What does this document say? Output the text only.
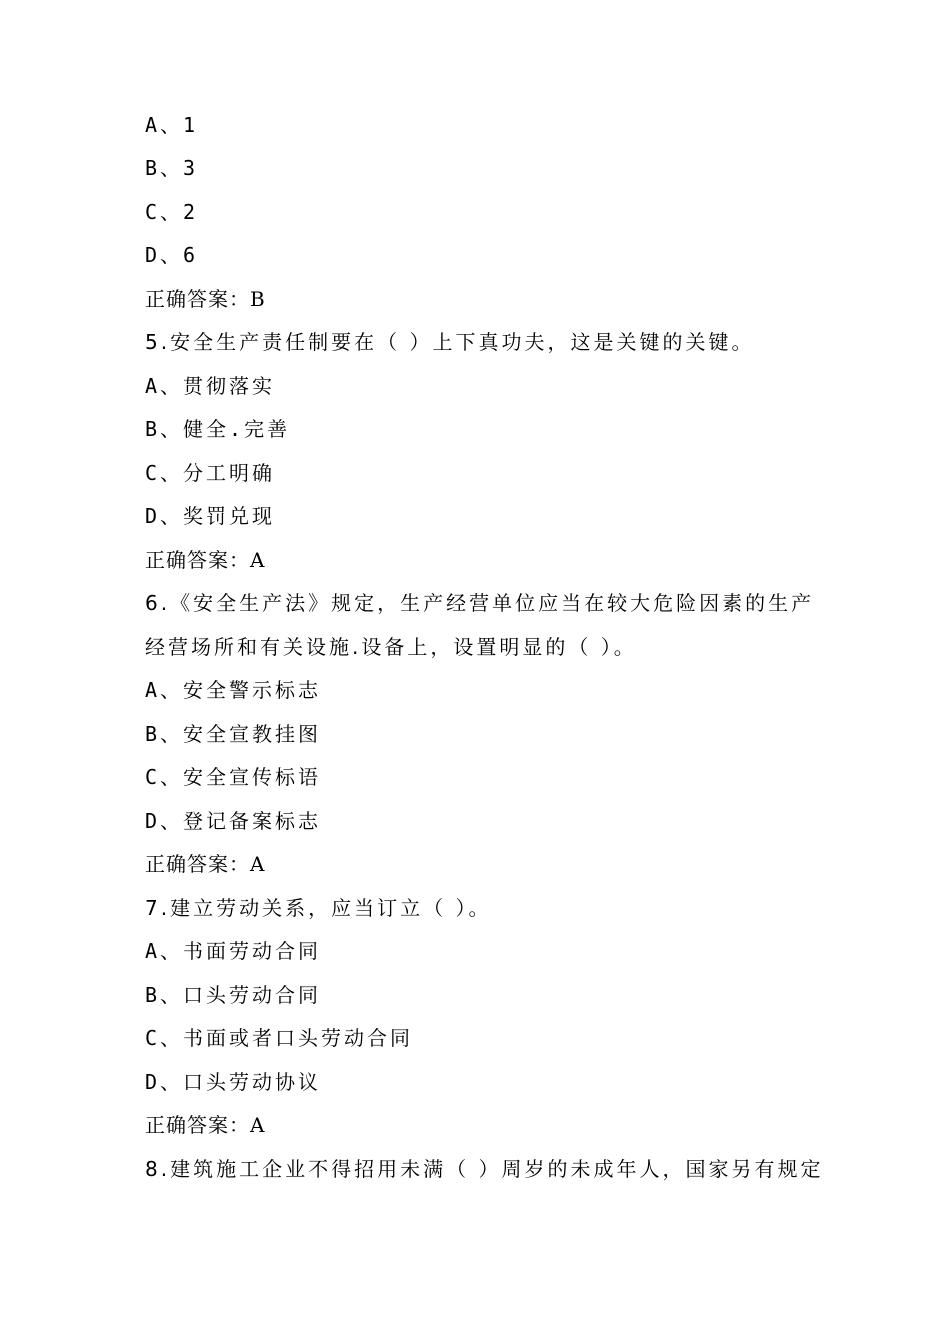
A、1
B、3
C、2
D、6
正确答案：B
5.安全生产责任制要在（ ）上下真功夫，这是关键的关键。
A、贯彻落实
B、健全.完善
C、分工明确
D、奖罚兑现
正确答案：A
6.《安全生产法》规定，生产经营单位应当在较大危险因素的生产
经营场所和有关设施.设备上，设置明显的（ ）。
A、安全警示标志
B、安全宣教挂图
C、安全宣传标语
D、登记备案标志
正确答案：A
7.建立劳动关系，应当订立（ ）。
A、书面劳动合同
B、口头劳动合同
C、书面或者口头劳动合同
D、口头劳动协议
正确答案：A
8.建筑施工企业不得招用未满（ ）周岁的未成年人，国家另有规定
